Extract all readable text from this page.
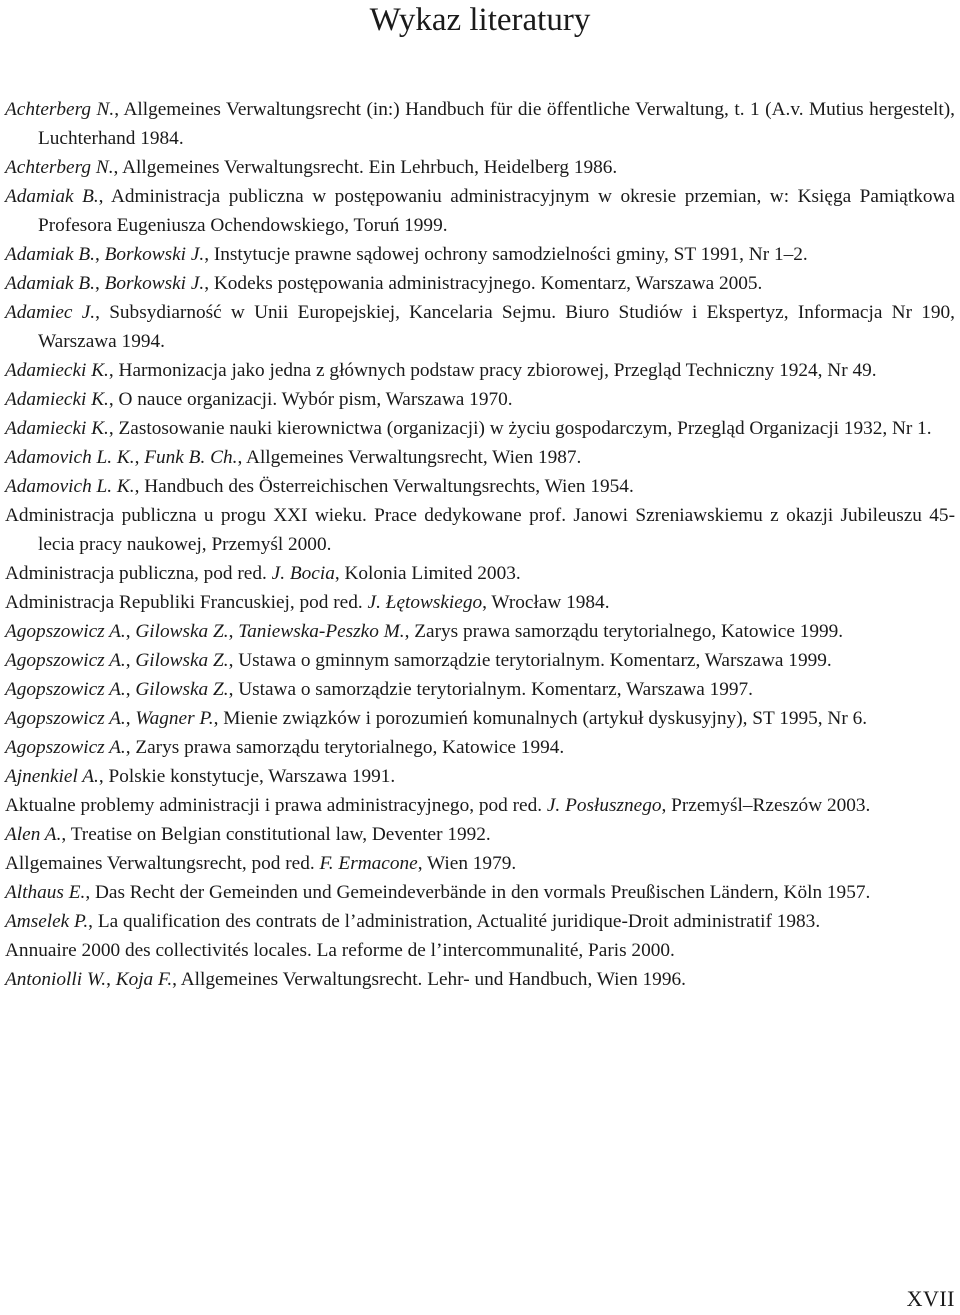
Wykaz literatury
Achterberg N., Allgemeines Verwaltungsrecht (in:) Handbuch für die öffentliche Verwaltung, t. 1 (A.v. Mutius hergestelt), Luchterhand 1984.
Achterberg N., Allgemeines Verwaltungsrecht. Ein Lehrbuch, Heidelberg 1986.
Adamiak B., Administracja publiczna w postępowaniu administracyjnym w okresie przemian, w: Księga Pamiątkowa Profesora Eugeniusza Ochendowskiego, Toruń 1999.
Adamiak B., Borkowski J., Instytucje prawne sądowej ochrony samodzielności gminy, ST 1991, Nr 1–2.
Adamiak B., Borkowski J., Kodeks postępowania administracyjnego. Komentarz, Warszawa 2005.
Adamiec J., Subsydiarność w Unii Europejskiej, Kancelaria Sejmu. Biuro Studiów i Ekspertyz, Informacja Nr 190, Warszawa 1994.
Adamiecki K., Harmonizacja jako jedna z głównych podstaw pracy zbiorowej, Przegląd Techniczny 1924, Nr 49.
Adamiecki K., O nauce organizacji. Wybór pism, Warszawa 1970.
Adamiecki K., Zastosowanie nauki kierownictwa (organizacji) w życiu gospodarczym, Przegląd Organizacji 1932, Nr 1.
Adamovich L. K., Funk B. Ch., Allgemeines Verwaltungsrecht, Wien 1987.
Adamovich L. K., Handbuch des Österreichischen Verwaltungsrechts, Wien 1954.
Administracja publiczna u progu XXI wieku. Prace dedykowane prof. Janowi Szreniawskiemu z okazji Jubileuszu 45-lecia pracy naukowej, Przemyśl 2000.
Administracja publiczna, pod red. J. Bocia, Kolonia Limited 2003.
Administracja Republiki Francuskiej, pod red. J. Łętowskiego, Wrocław 1984.
Agopszowicz A., Gilowska Z., Taniewska-Peszko M., Zarys prawa samorządu terytorialnego, Katowice 1999.
Agopszowicz A., Gilowska Z., Ustawa o gminnym samorządzie terytorialnym. Komentarz, Warszawa 1999.
Agopszowicz A., Gilowska Z., Ustawa o samorządzie terytorialnym. Komentarz, Warszawa 1997.
Agopszowicz A., Wagner P., Mienie związków i porozumień komunalnych (artykuł dyskusyjny), ST 1995, Nr 6.
Agopszowicz A., Zarys prawa samorządu terytorialnego, Katowice 1994.
Ajnenkiel A., Polskie konstytucje, Warszawa 1991.
Aktualne problemy administracji i prawa administracyjnego, pod red. J. Posłusznego, Przemyśl–Rzeszów 2003.
Alen A., Treatise on Belgian constitutional law, Deventer 1992.
Allgemaines Verwaltungsrecht, pod red. F. Ermacone, Wien 1979.
Althaus E., Das Recht der Gemeinden und Gemeindeverbände in den vormals Preußischen Ländern, Köln 1957.
Amselek P., La qualification des contrats de l’administration, Actualité juridique-Droit administratif 1983.
Annuaire 2000 des collectivités locales. La reforme de l’intercommunalité, Paris 2000.
Antoniolli W., Koja F., Allgemeines Verwaltungsrecht. Lehr- und Handbuch, Wien 1996.
XVII
